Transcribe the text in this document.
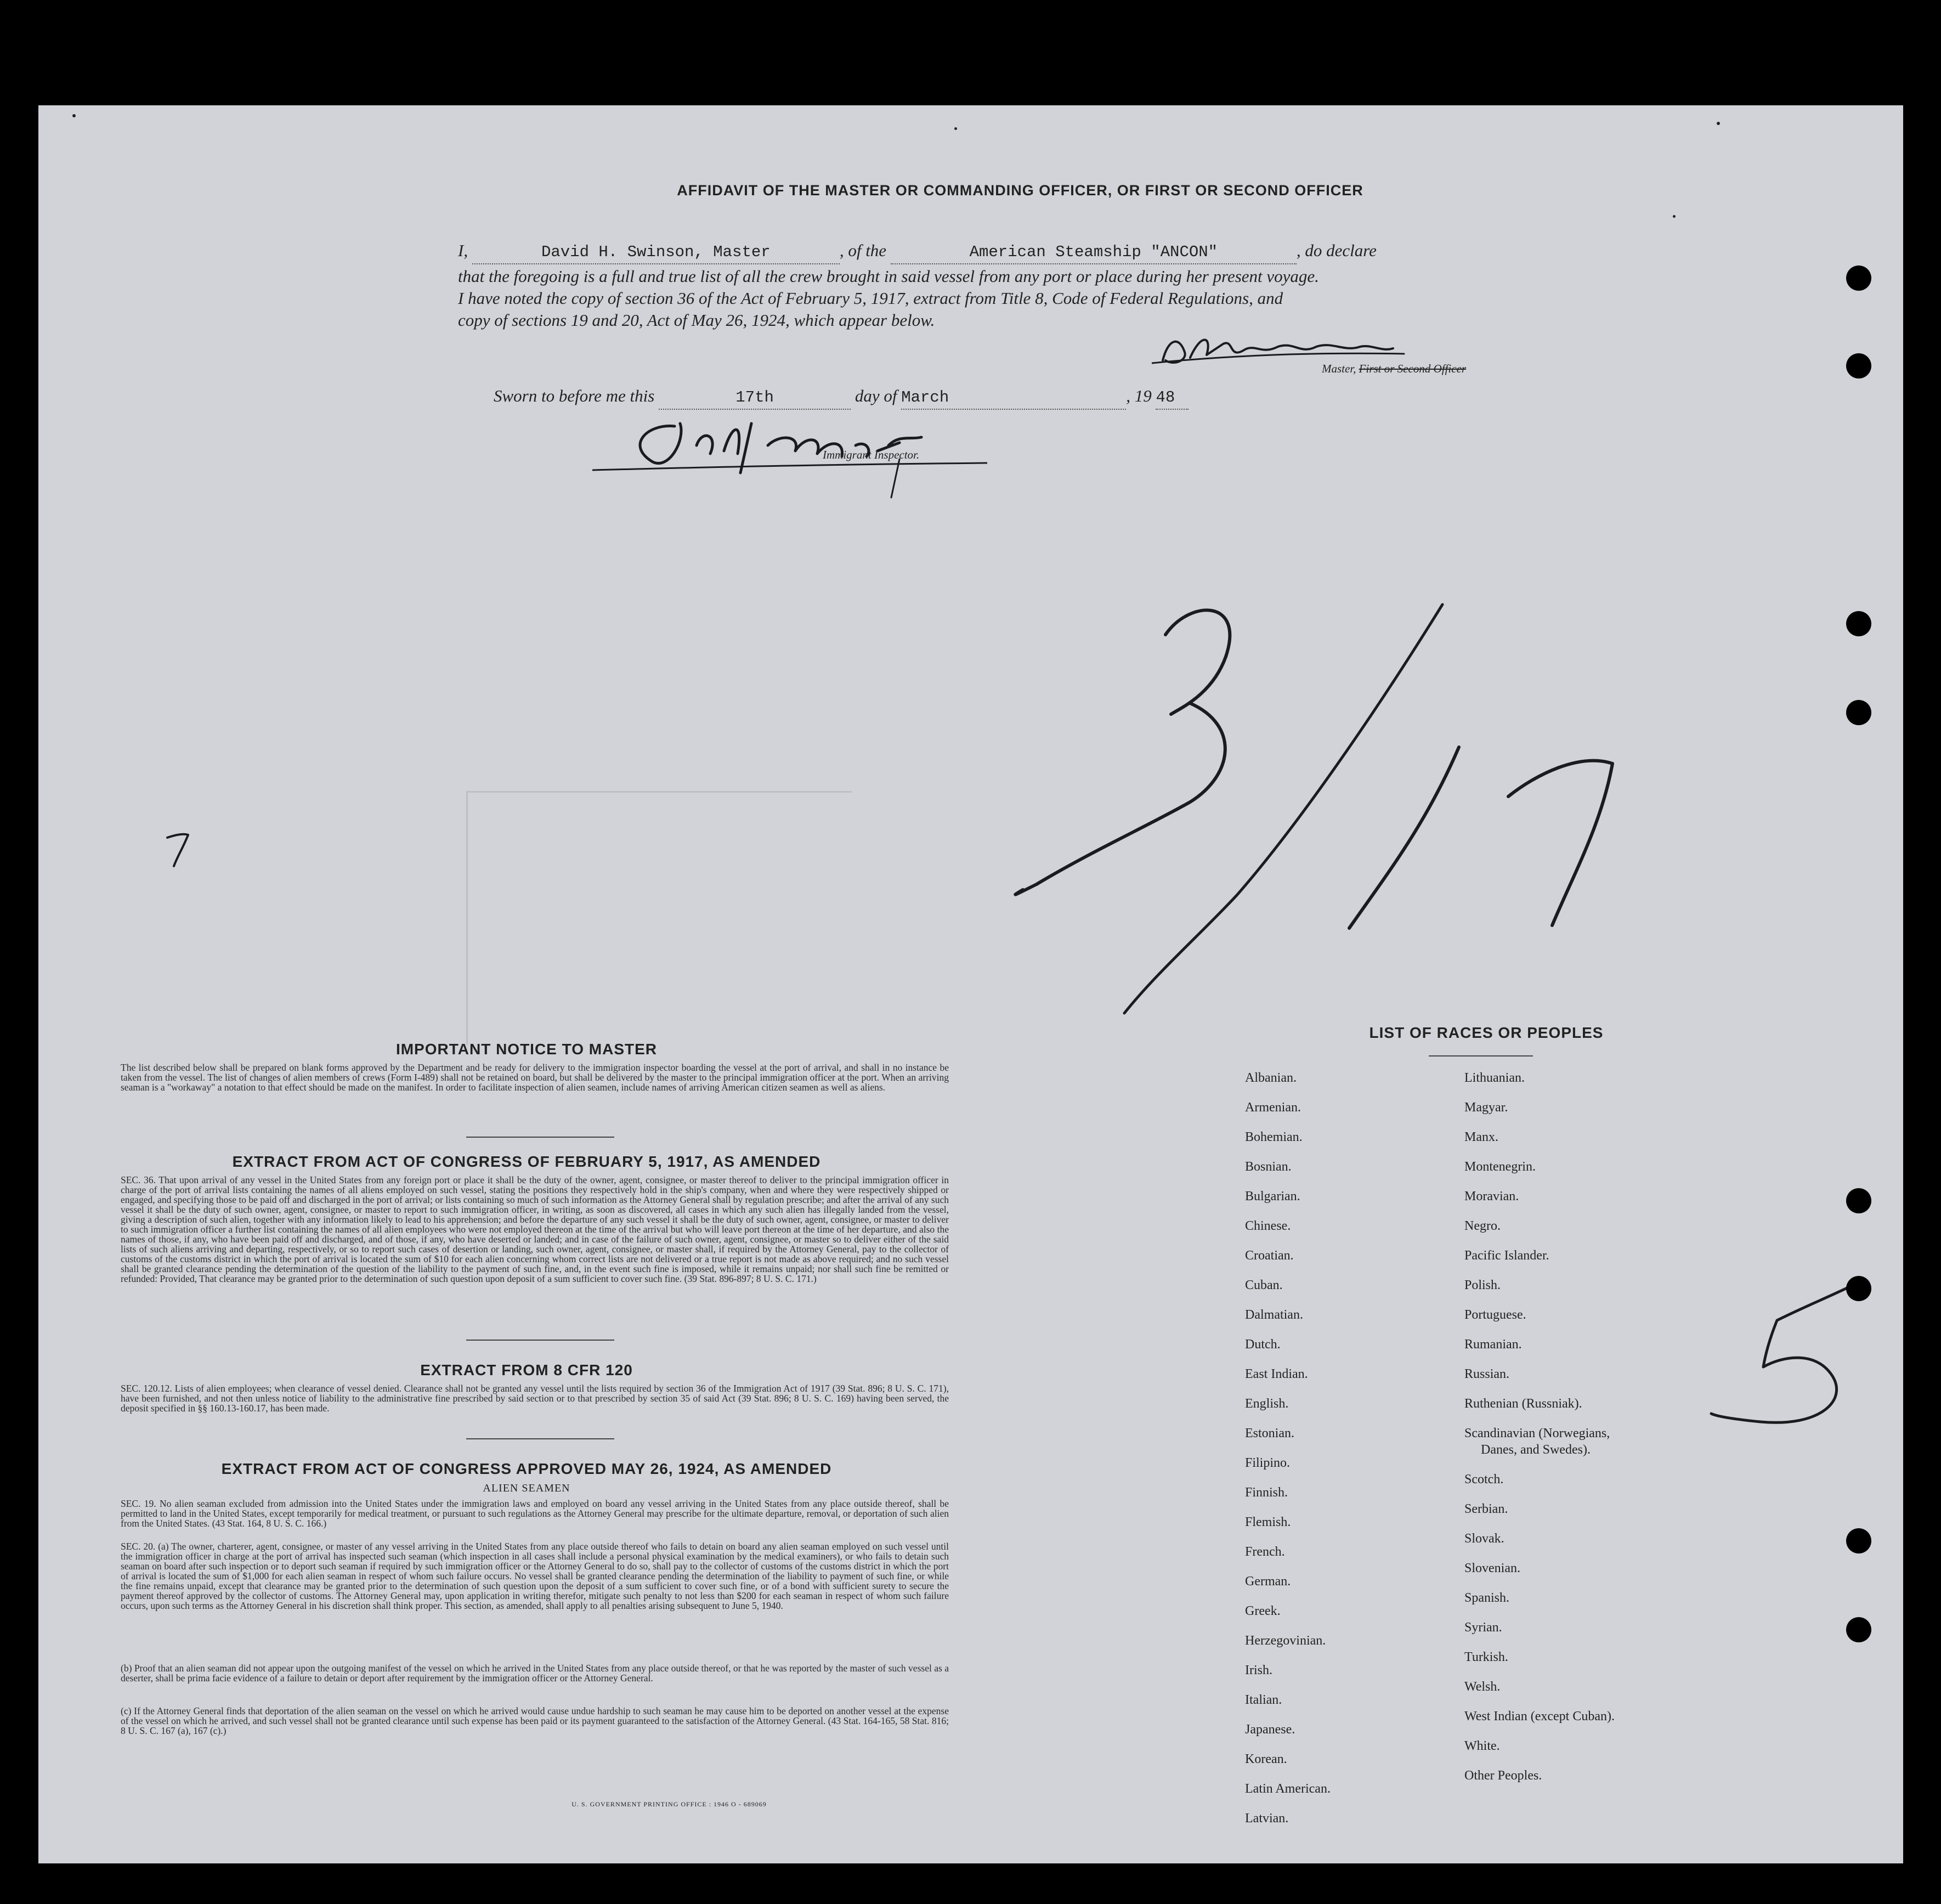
AFFIDAVIT OF THE MASTER OR COMMANDING OFFICER, OR FIRST OR SECOND OFFICER
I,	David H. Swinson, Master	, of the	American Steamship "ANCON"	, do declare
that the foregoing is a full and true list of all the crew brought in said vessel from any port or place during her present voyage.
I have noted the copy of section 36 of the Act of February 5, 1917, extract from Title 8, Code of Federal Regulations, and
copy of sections 19 and 20, Act of May 26, 1924, which appear below.
Master, First or Second Officer
Sworn to before me this	17th	day of March	, 19 48
Immigrant Inspector.
3/17
5
7
IMPORTANT NOTICE TO MASTER
The list described below shall be prepared on blank forms approved by the Department and be ready for delivery to the immigration inspector boarding the vessel at the port of arrival, and shall in no instance be taken from the vessel. The list of changes of alien members of crews (Form I-489) shall not be retained on board, but shall be delivered by the master to the principal immigration officer at the port. When an arriving seaman is a "workaway" a notation to that effect should be made on the manifest. In order to facilitate inspection of alien seamen, include names of arriving American citizen seamen as well as aliens.
EXTRACT FROM ACT OF CONGRESS OF FEBRUARY 5, 1917, AS AMENDED
SEC. 36. That upon arrival of any vessel in the United States from any foreign port or place it shall be the duty of the owner, agent, consignee, or master thereof to deliver to the principal immigration officer in charge of the port of arrival lists containing the names of all aliens employed on such vessel, stating the positions they respectively hold in the ship's company, when and where they were respectively shipped or engaged, and specifying those to be paid off and discharged in the port of arrival; or lists containing so much of such information as the Attorney General shall by regulation prescribe; and after the arrival of any such vessel it shall be the duty of such owner, agent, consignee, or master to report to such immigration officer, in writing, as soon as discovered, all cases in which any such alien has illegally landed from the vessel, giving a description of such alien, together with any information likely to lead to his apprehension; and before the departure of any such vessel it shall be the duty of such owner, agent, consignee, or master to deliver to such immigration officer a further list containing the names of all alien employees who were not employed thereon at the time of the arrival but who will leave port thereon at the time of her departure, and also the names of those, if any, who have been paid off and discharged, and of those, if any, who have deserted or landed; and in case of the failure of such owner, agent, consignee, or master so to deliver either of the said lists of such aliens arriving and departing, respectively, or so to report such cases of desertion or landing, such owner, agent, consignee, or master shall, if required by the Attorney General, pay to the collector of customs of the customs district in which the port of arrival is located the sum of $10 for each alien concerning whom correct lists are not delivered or a true report is not made as above required; and no such vessel shall be granted clearance pending the determination of the question of the liability to the payment of such fine, and, in the event such fine is imposed, while it remains unpaid; nor shall such fine be remitted or refunded: Provided, That clearance may be granted prior to the determination of such question upon deposit of a sum sufficient to cover such fine. (39 Stat. 896-897; 8 U. S. C. 171.)
EXTRACT FROM 8 CFR 120
SEC. 120.12. Lists of alien employees; when clearance of vessel denied. Clearance shall not be granted any vessel until the lists required by section 36 of the Immigration Act of 1917 (39 Stat. 896; 8 U. S. C. 171), have been furnished, and not then unless notice of liability to the administrative fine prescribed by said section or to that prescribed by section 35 of said Act (39 Stat. 896; 8 U. S. C. 169) having been served, the deposit specified in §§ 160.13-160.17, has been made.
EXTRACT FROM ACT OF CONGRESS APPROVED MAY 26, 1924, AS AMENDED
ALIEN SEAMEN
SEC. 19. No alien seaman excluded from admission into the United States under the immigration laws and employed on board any vessel arriving in the United States from any place outside thereof, shall be permitted to land in the United States, except temporarily for medical treatment, or pursuant to such regulations as the Attorney General may prescribe for the ultimate departure, removal, or deportation of such alien from the United States. (43 Stat. 164, 8 U. S. C. 166.)
SEC. 20. (a) The owner, charterer, agent, consignee, or master of any vessel arriving in the United States from any place outside thereof who fails to detain on board any alien seaman employed on such vessel until the immigration officer in charge at the port of arrival has inspected such seaman (which inspection in all cases shall include a personal physical examination by the medical examiners), or who fails to detain such seaman on board after such inspection or to deport such seaman if required by such immigration officer or the Attorney General to do so, shall pay to the collector of customs of the customs district in which the port of arrival is located the sum of $1,000 for each alien seaman in respect of whom such failure occurs. No vessel shall be granted clearance pending the determination of the liability to payment of such fine, or while the fine remains unpaid, except that clearance may be granted prior to the determination of such question upon the deposit of a sum sufficient to cover such fine, or of a bond with sufficient surety to secure the payment thereof approved by the collector of customs. The Attorney General may, upon application in writing therefor, mitigate such penalty to not less than $200 for each seaman in respect of whom such failure occurs, upon such terms as the Attorney General in his discretion shall think proper. This section, as amended, shall apply to all penalties arising subsequent to June 5, 1940.
(b) Proof that an alien seaman did not appear upon the outgoing manifest of the vessel on which he arrived in the United States from any place outside thereof, or that he was reported by the master of such vessel as a deserter, shall be prima facie evidence of a failure to detain or deport after requirement by the immigration officer or the Attorney General.
(c) If the Attorney General finds that deportation of the alien seaman on the vessel on which he arrived would cause undue hardship to such seaman he may cause him to be deported on another vessel at the expense of the vessel on which he arrived, and such vessel shall not be granted clearance until such expense has been paid or its payment guaranteed to the satisfaction of the Attorney General. (43 Stat. 164-165, 58 Stat. 816; 8 U. S. C. 167 (a), 167 (c).)
U. S. GOVERNMENT PRINTING OFFICE : 1946 O - 689069
LIST OF RACES OR PEOPLES
Albanian.
Armenian.
Bohemian.
Bosnian.
Bulgarian.
Chinese.
Croatian.
Cuban.
Dalmatian.
Dutch.
East Indian.
English.
Estonian.
Filipino.
Finnish.
Flemish.
French.
German.
Greek.
Herzegovinian.
Irish.
Italian.
Japanese.
Korean.
Latin American.
Latvian.
Lithuanian.
Magyar.
Manx.
Montenegrin.
Moravian.
Negro.
Pacific Islander.
Polish.
Portuguese.
Rumanian.
Russian.
Ruthenian (Russniak).
Scandinavian (Norwegians,
Danes, and Swedes).
Scotch.
Serbian.
Slovak.
Slovenian.
Spanish.
Syrian.
Turkish.
Welsh.
West Indian (except Cuban).
White.
Other Peoples.
